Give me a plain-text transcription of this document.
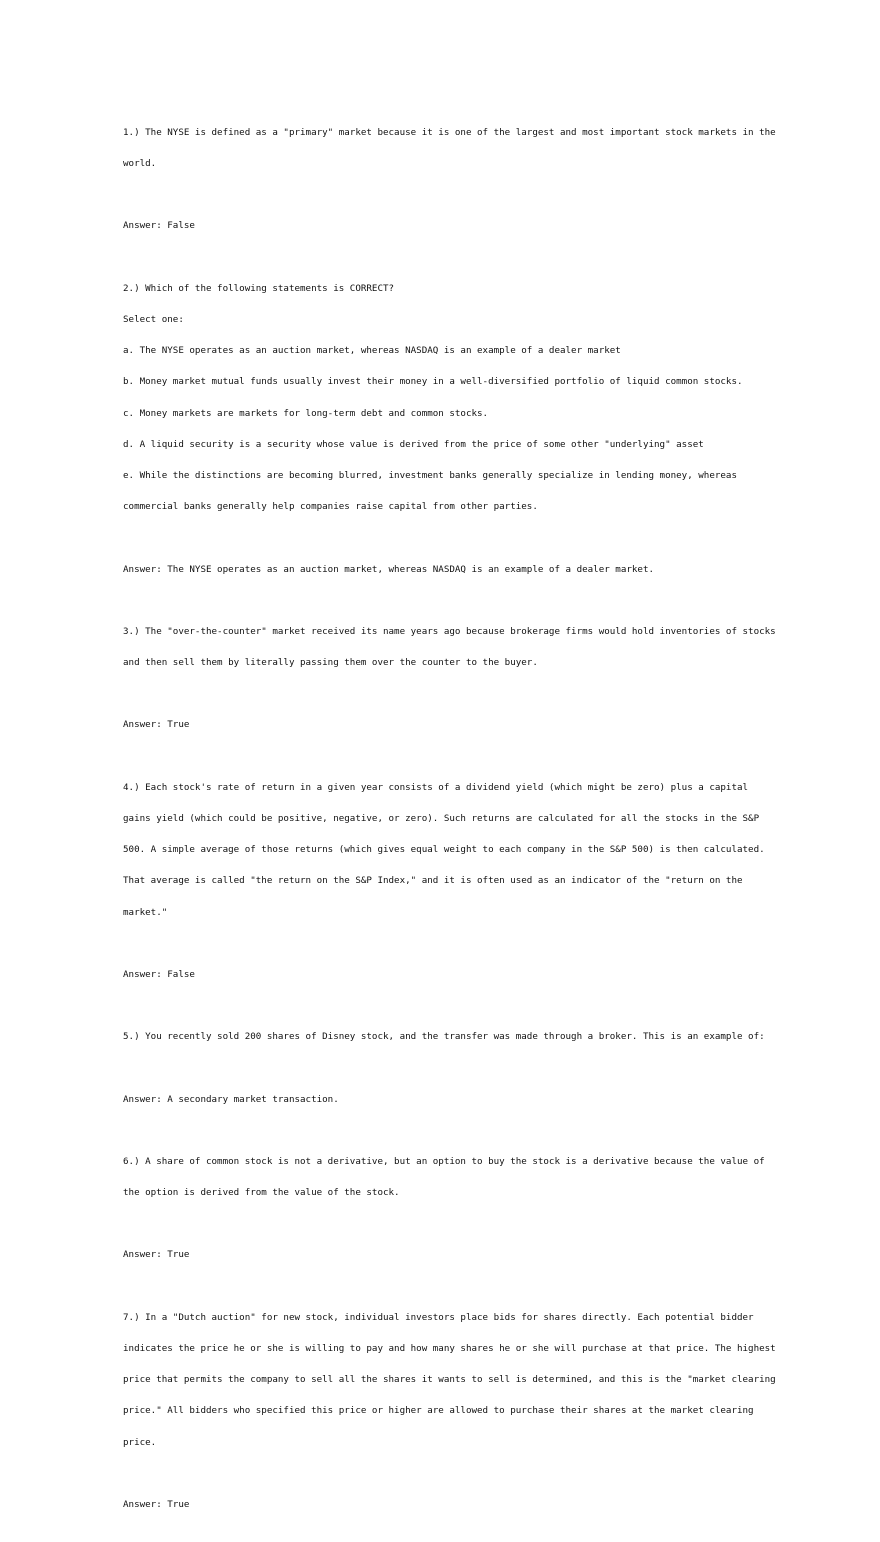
1.) The NYSE is defined as a "primary" market because it is one of the largest and most important stock markets in the

world.

Answer: False

2.) Which of the following statements is CORRECT?

Select one:

a. The NYSE operates as an auction market, whereas NASDAQ is an example of a dealer market

b. Money market mutual funds usually invest their money in a well-diversified portfolio of liquid common stocks.

c. Money markets are markets for long-term debt and common stocks.

d. A liquid security is a security whose value is derived from the price of some other "underlying" asset

e. While the distinctions are becoming blurred, investment banks generally specialize in lending money, whereas

commercial banks generally help companies raise capital from other parties.

Answer: The NYSE operates as an auction market, whereas NASDAQ is an example of a dealer market.

3.) The "over-the-counter" market received its name years ago because brokerage firms would hold inventories of stocks

and then sell them by literally passing them over the counter to the buyer.

Answer: True

4.) Each stock's rate of return in a given year consists of a dividend yield (which might be zero) plus a capital

gains yield (which could be positive, negative, or zero). Such returns are calculated for all the stocks in the S&P

500. A simple average of those returns (which gives equal weight to each company in the S&P 500) is then calculated.

That average is called "the return on the S&P Index," and it is often used as an indicator of the "return on the

market."

Answer: False

5.) You recently sold 200 shares of Disney stock, and the transfer was made through a broker. This is an example of:

Answer: A secondary market transaction.

6.) A share of common stock is not a derivative, but an option to buy the stock is a derivative because the value of

the option is derived from the value of the stock.

Answer: True

7.) In a "Dutch auction" for new stock, individual investors place bids for shares directly. Each potential bidder

indicates the price he or she is willing to pay and how many shares he or she will purchase at that price. The highest

price that permits the company to sell all the shares it wants to sell is determined, and this is the "market clearing

price." All bidders who specified this price or higher are allowed to purchase their shares at the market clearing

price.

Answer: True
